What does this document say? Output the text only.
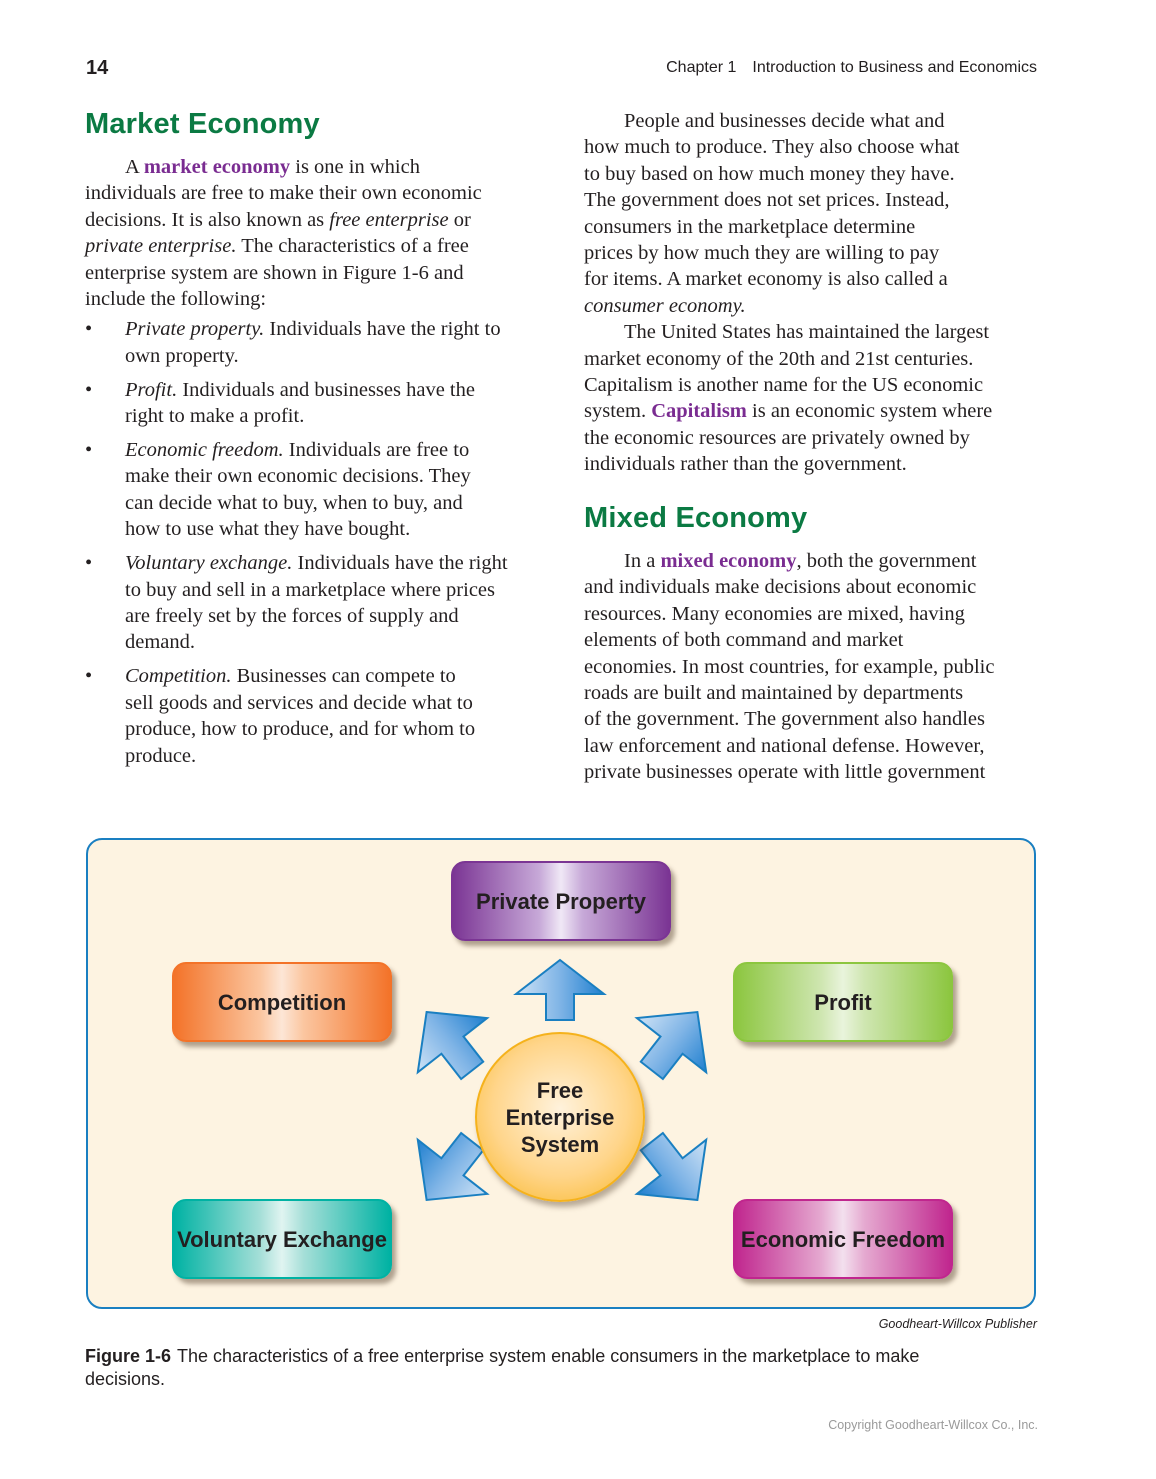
14	Chapter 1 Introduction to Business and Economics
Market Economy
A market economy is one in which
individuals are free to make their own economic
decisions. It is also known as free enterprise or
private enterprise. The characteristics of a free
enterprise system are shown in Figure 1-6 and
include the following:
• Private property. Individuals have the right to
own property.
• Profit. Individuals and businesses have the
right to make a profit.
• Economic freedom. Individuals are free to
make their own economic decisions. They
can decide what to buy, when to buy, and
how to use what they have bought.
• Voluntary exchange. Individuals have the right
to buy and sell in a marketplace where prices
are freely set by the forces of supply and
demand.
• Competition. Businesses can compete to
sell goods and services and decide what to
produce, how to produce, and for whom to
produce.
People and businesses decide what and
how much to produce. They also choose what
to buy based on how much money they have.
The government does not set prices. Instead,
consumers in the marketplace determine
prices by how much they are willing to pay
for items. A market economy is also called a
consumer economy.
The United States has maintained the largest
market economy of the 20th and 21st centuries.
Capitalism is another name for the US economic
system. Capitalism is an economic system where
the economic resources are privately owned by
individuals rather than the government.
Mixed Economy
In a mixed economy, both the government
and individuals make decisions about economic
resources. Many economies are mixed, having
elements of both command and market
economies. In most countries, for example, public
roads are built and maintained by departments
of the government. The government also handles
law enforcement and national defense. However,
private businesses operate with little government
Private Property
Competition	Profit
Voluntary Exchange	Economic Freedom
Free Enterprise System
Goodheart-Willcox Publisher
Figure 1-6 The characteristics of a free enterprise system enable consumers in the marketplace to make decisions.
Copyright Goodheart-Willcox Co., Inc.
